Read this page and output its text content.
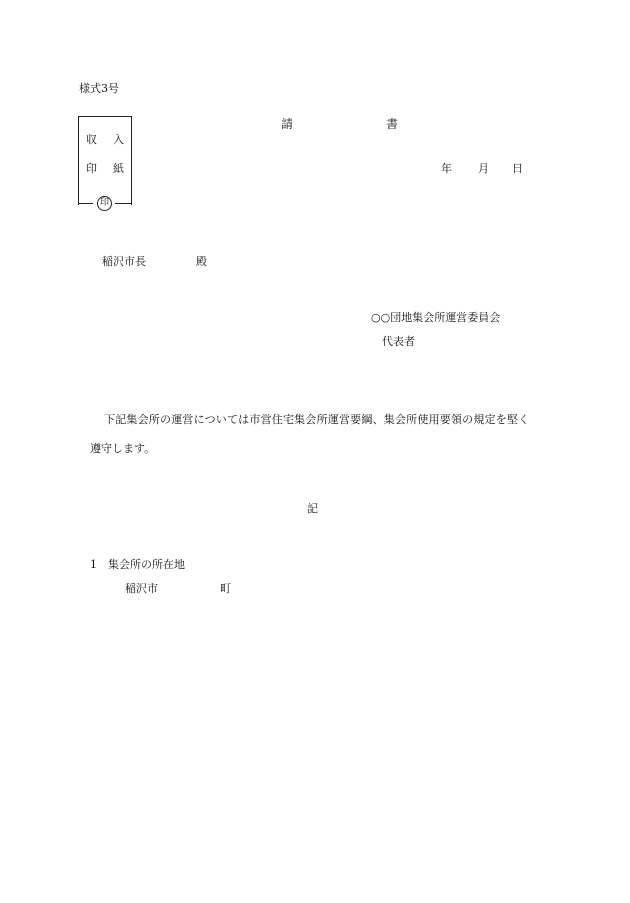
様式3号
請	書
収 入
印 紙
印
年 月 日
稲沢市長	殿
○○団地集会所運営委員会
代表者
下記集会所の運営については市営住宅集会所運営要綱、集会所使用要領の規定を堅く
遵守します。
記
1 集会所の所在地
稲沢市	町
